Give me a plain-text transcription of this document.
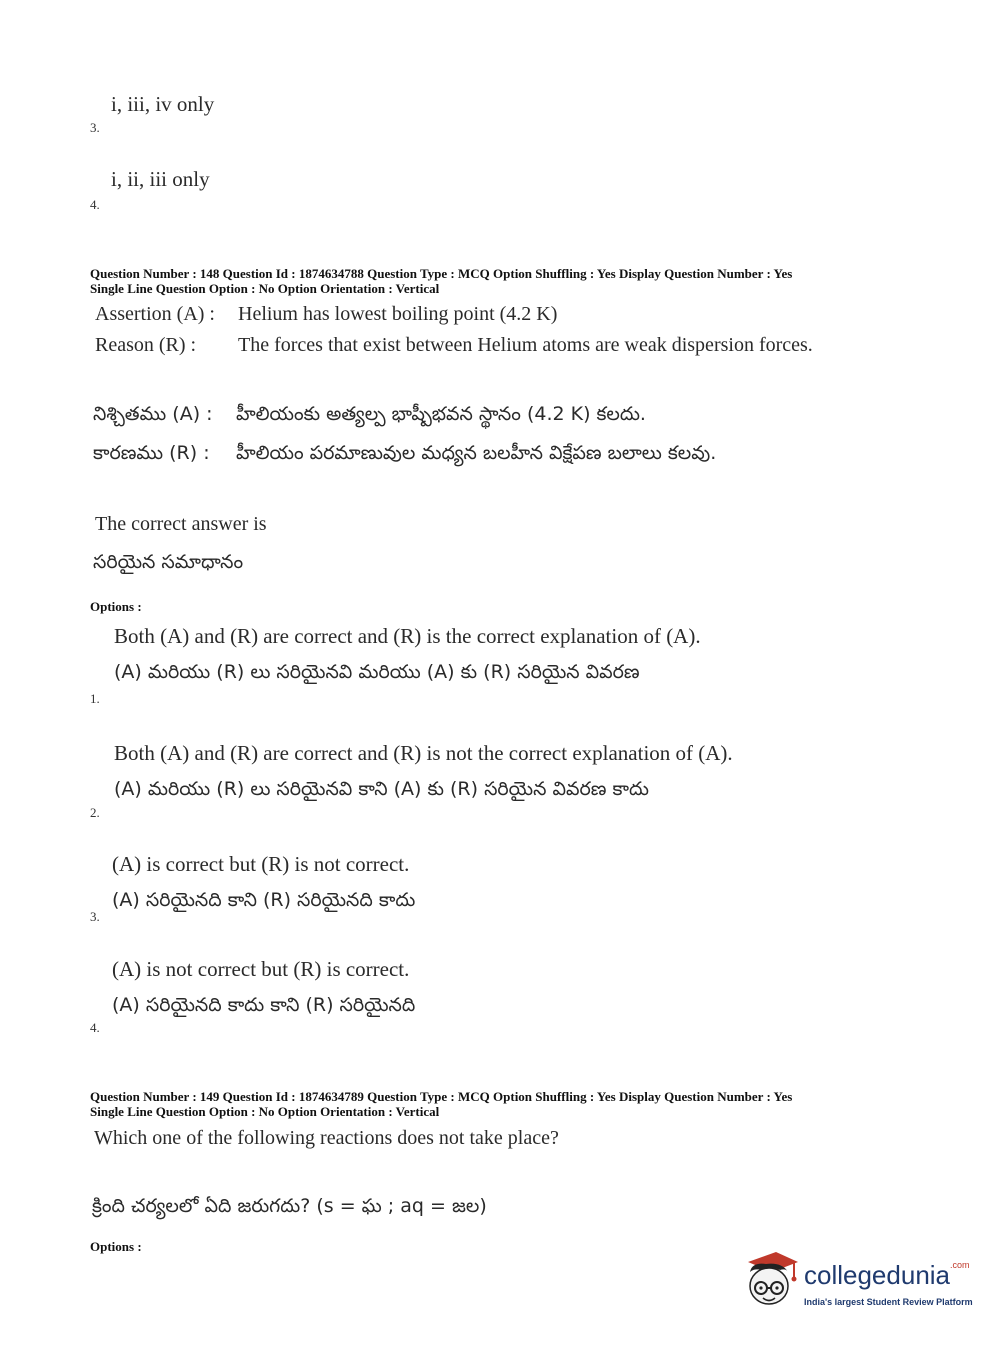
i, iii, iv only
3.
i, ii, iii only
4.
Question Number : 148 Question Id : 1874634788 Question Type : MCQ Option Shuffling : Yes Display Question Number : Yes
Single Line Question Option : No Option Orientation : Vertical
Assertion (A) : Helium has lowest boiling point (4.2 K)
Reason (R) : The forces that exist between Helium atoms are weak dispersion forces.
నిశ్చితము (A) : హీలియంకు అత్యల్ప భాష్పీభవన స్థానం (4.2 K) కలదు.
కారణము (R) : హీలియం పరమాణువుల మధ్యన బలహీన విక్షేపణ బలాలు కలవు.
The correct answer is
సరియైన సమాధానం
Options :
Both (A) and (R) are correct and (R) is the correct explanation of (A).
(A) మరియు (R) లు సరియైనవి మరియు (A) కు (R) సరియైన వివరణ
1.
Both (A) and (R) are correct and (R) is not the correct explanation of (A).
(A) మరియు (R) లు సరియైనవి కాని (A) కు (R) సరియైన వివరణ కాదు
2.
(A) is correct but (R) is not correct.
(A) సరియైనది కాని (R) సరియైనది కాదు
3.
(A) is not correct but (R) is correct.
(A) సరియైనది కాదు కాని (R) సరియైనది
4.
Question Number : 149 Question Id : 1874634789 Question Type : MCQ Option Shuffling : Yes Display Question Number : Yes
Single Line Question Option : No Option Orientation : Vertical
Which one of the following reactions does not take place?
క్రింది చర్యలలో ఏది జరుగదు? (s = ఘ ; aq = జల)
Options :
collegedunia$^{.com}$
India's largest Student Review Platform
